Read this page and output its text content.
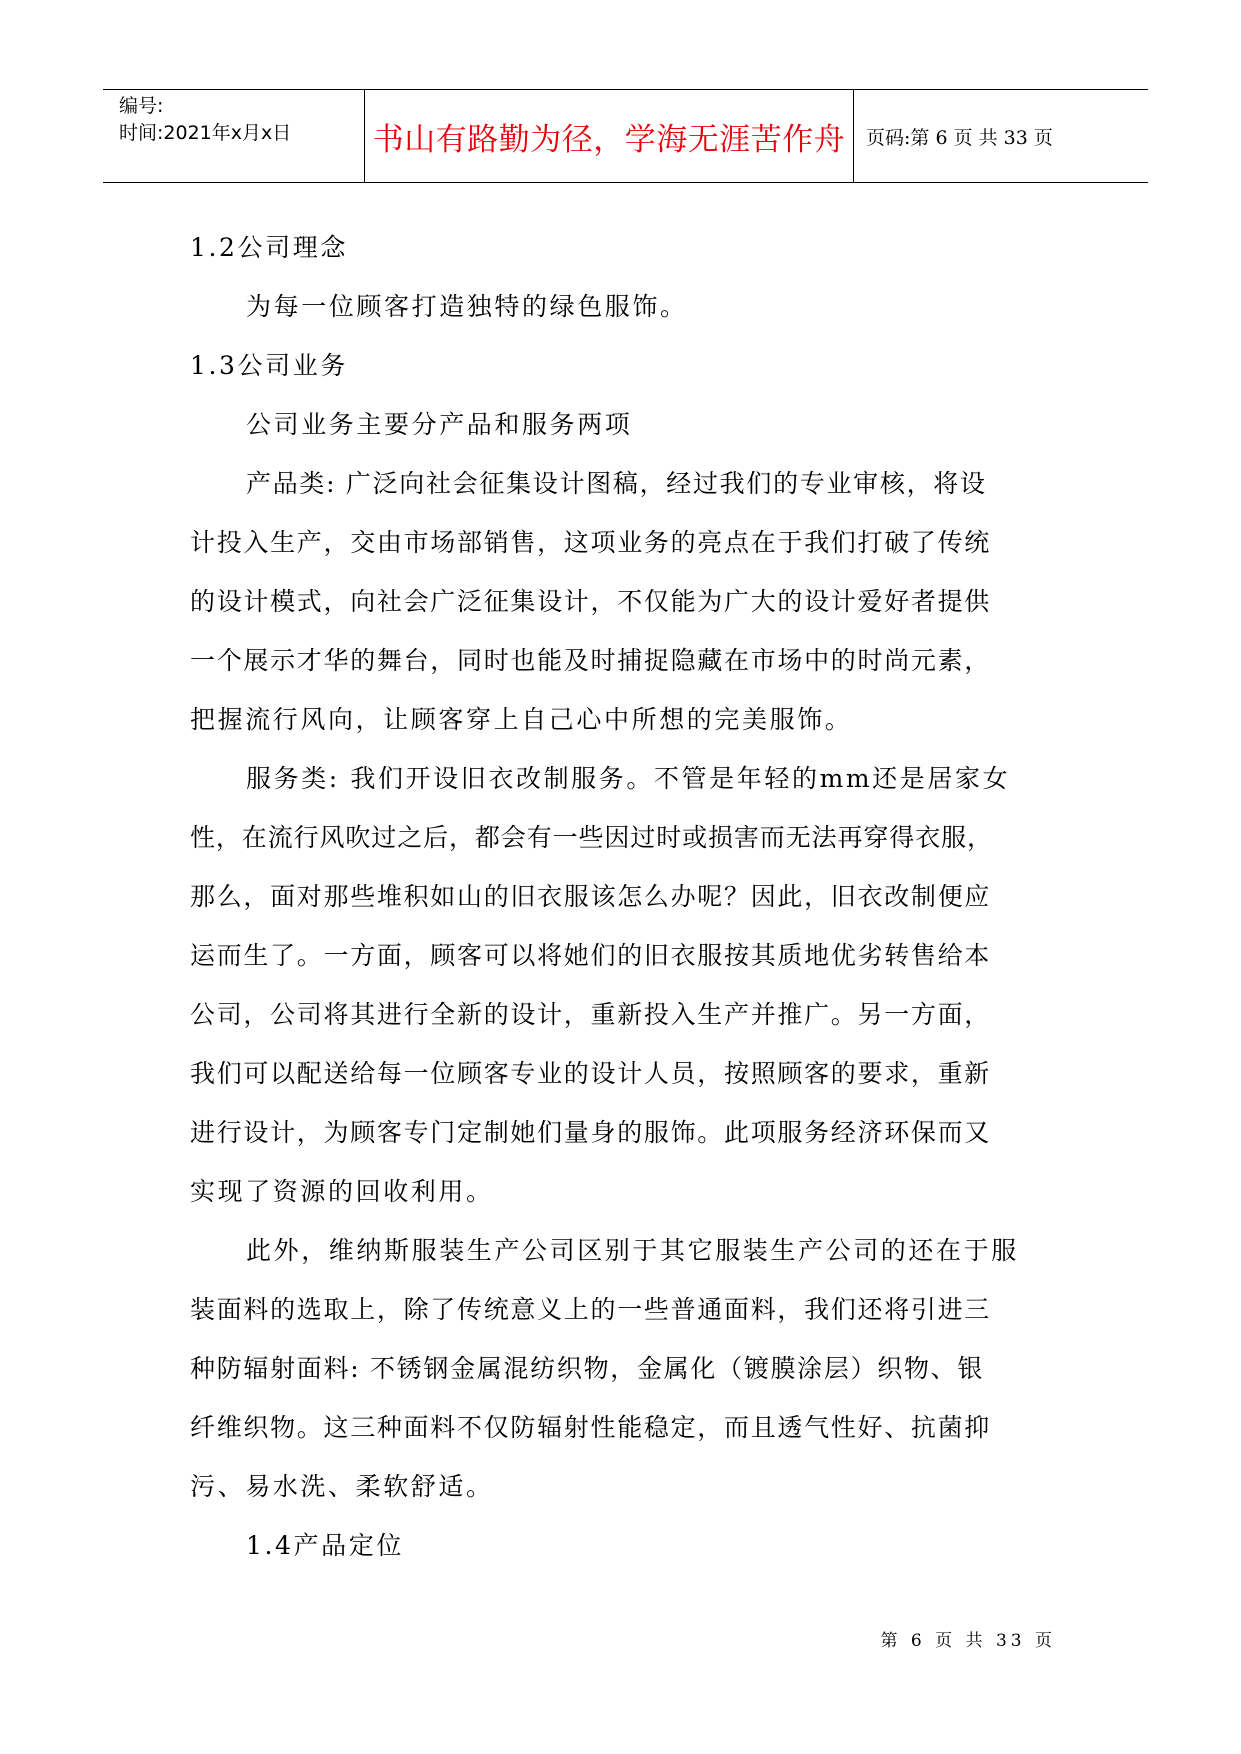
编号:
时间:2021年x月x日	书山有路勤为径，学海无涯苦作舟	页码:第 6 页 共 33 页
1.2公司理念
为每一位顾客打造独特的绿色服饰。
1.3公司业务
公司业务主要分产品和服务两项
产品类: 广泛向社会征集设计图稿，经过我们的专业审核，将设
计投入生产，交由市场部销售，这项业务的亮点在于我们打破了传统
的设计模式，向社会广泛征集设计，不仅能为广大的设计爱好者提供
一个展示才华的舞台，同时也能及时捕捉隐藏在市场中的时尚元素，
把握流行风向，让顾客穿上自己心中所想的完美服饰。
服务类: 我们开设旧衣改制服务。不管是年轻的mm还是居家女
性，在流行风吹过之后，都会有一些因过时或损害而无法再穿得衣服，
那么，面对那些堆积如山的旧衣服该怎么办呢？因此，旧衣改制便应
运而生了。一方面，顾客可以将她们的旧衣服按其质地优劣转售给本
公司，公司将其进行全新的设计，重新投入生产并推广。另一方面，
我们可以配送给每一位顾客专业的设计人员，按照顾客的要求，重新
进行设计，为顾客专门定制她们量身的服饰。此项服务经济环保而又
实现了资源的回收利用。
此外，维纳斯服装生产公司区别于其它服装生产公司的还在于服
装面料的选取上，除了传统意义上的一些普通面料，我们还将引进三
种防辐射面料: 不锈钢金属混纺织物，金属化（镀膜涂层）织物、银
纤维织物。这三种面料不仅防辐射性能稳定，而且透气性好、抗菌抑
污、易水洗、柔软舒适。
1.4产品定位
第 6 页 共 33 页
